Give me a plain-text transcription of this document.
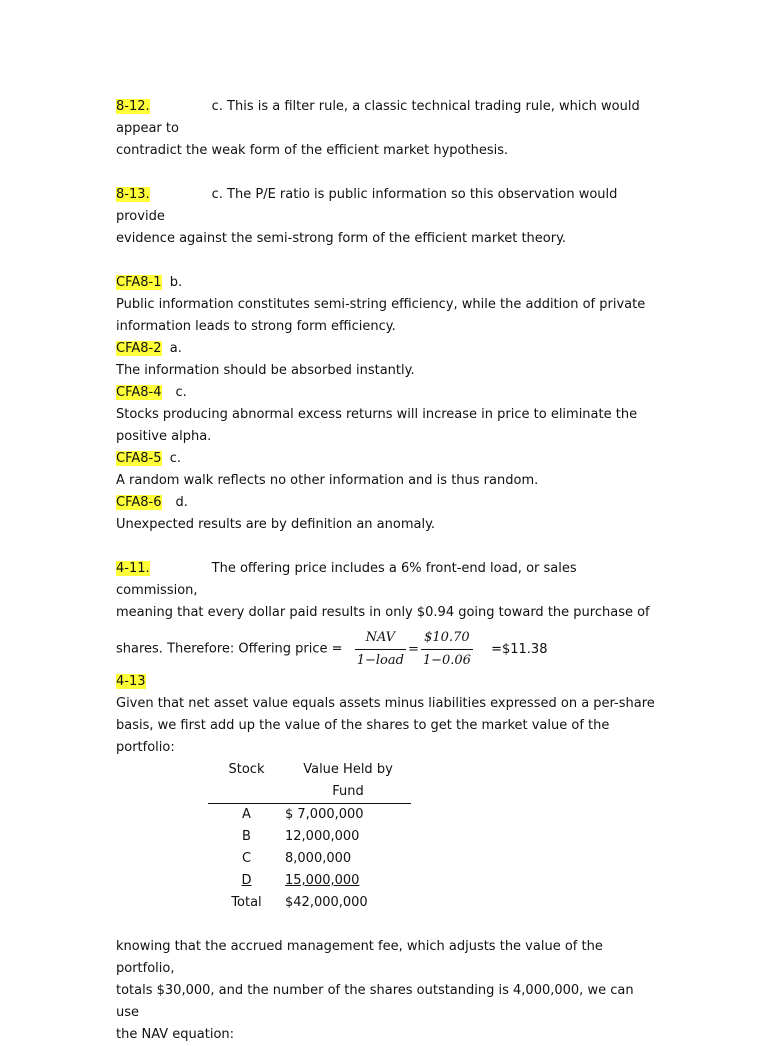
8-12.	c. This is a filter rule, a classic technical trading rule, which would appear to

contradict the weak form of the efficient market hypothesis.

8-13.	c. The P/E ratio is public information so this observation would provide

evidence against the semi-strong form of the efficient market theory.

CFA8-1 b.

Public information constitutes semi-string efficiency, while the addition of private

information leads to strong form efficiency.

CFA8-2 a.

The information should be absorbed instantly.

CFA8-4 c.

Stocks producing abnormal excess returns will increase in price to eliminate the

positive alpha.

CFA8-5 c.

A random walk reflects no other information and is thus random.

CFA8-6 d.

Unexpected results are by definition an anomaly.

4-11.	The offering price includes a 6% front-end load, or sales commission,

meaning that every dollar paid results in only $0.94 going toward the purchase of

shares. Therefore: Offering price = $\frac{\text{NAV}}{\text{1−load}} = \frac{\$10.70}{1-0.06}$ =$11.38

4-13

Given that net asset value equals assets minus liabilities expressed on a per-share

basis, we first add up the value of the shares to get the market value of the portfolio:

Stock	Value Held by
	Fund
A	$ 7,000,000
B	12,000,000
C	8,000,000
D	15,000,000
Total	$42,000,000

knowing that the accrued management fee, which adjusts the value of the portfolio,

totals $30,000, and the number of the shares outstanding is 4,000,000, we can use

the NAV equation:
